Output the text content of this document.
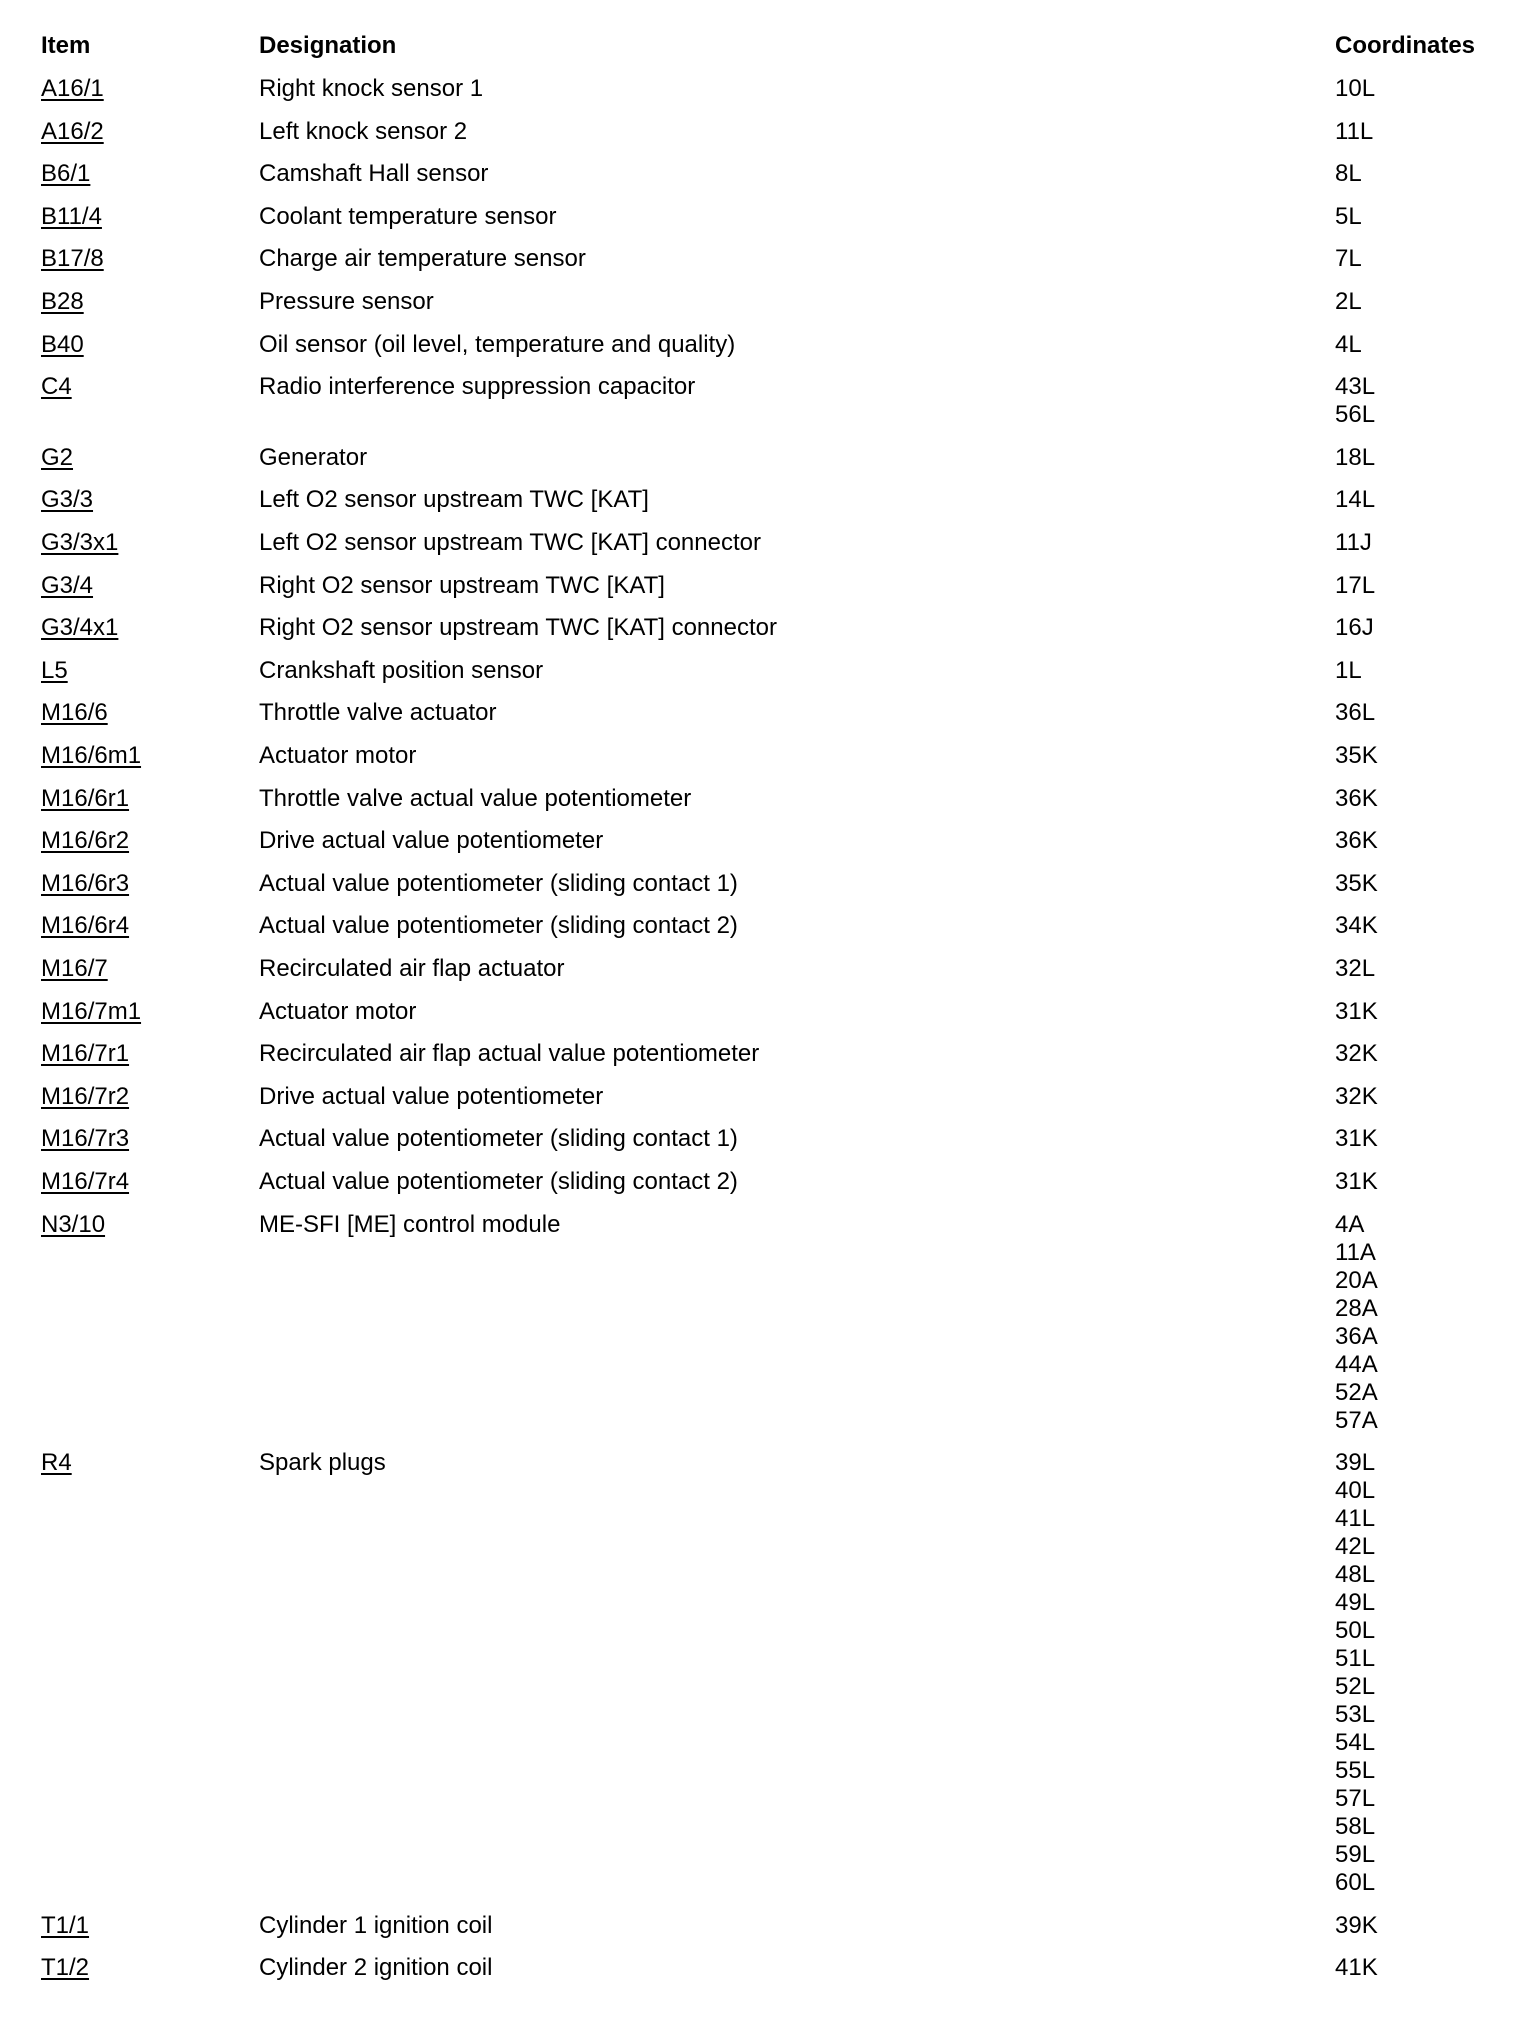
Item	Designation	Coordinates
A16/1	Right knock sensor 1	10L
A16/2	Left knock sensor 2	11L
B6/1	Camshaft Hall sensor	8L
B11/4	Coolant temperature sensor	5L
B17/8	Charge air temperature sensor	7L
B28	Pressure sensor	2L
B40	Oil sensor (oil level, temperature and quality)	4L
C4	Radio interference suppression capacitor	43L
56L
G2	Generator	18L
G3/3	Left O2 sensor upstream TWC [KAT]	14L
G3/3x1	Left O2 sensor upstream TWC [KAT] connector	11J
G3/4	Right O2 sensor upstream TWC [KAT]	17L
G3/4x1	Right O2 sensor upstream TWC [KAT] connector	16J
L5	Crankshaft position sensor	1L
M16/6	Throttle valve actuator	36L
M16/6m1	Actuator motor	35K
M16/6r1	Throttle valve actual value potentiometer	36K
M16/6r2	Drive actual value potentiometer	36K
M16/6r3	Actual value potentiometer (sliding contact 1)	35K
M16/6r4	Actual value potentiometer (sliding contact 2)	34K
M16/7	Recirculated air flap actuator	32L
M16/7m1	Actuator motor	31K
M16/7r1	Recirculated air flap actual value potentiometer	32K
M16/7r2	Drive actual value potentiometer	32K
M16/7r3	Actual value potentiometer (sliding contact 1)	31K
M16/7r4	Actual value potentiometer (sliding contact 2)	31K
N3/10	ME-SFI [ME] control module	4A
11A
20A
28A
36A
44A
52A
57A
R4	Spark plugs	39L
40L
41L
42L
48L
49L
50L
51L
52L
53L
54L
55L
57L
58L
59L
60L
T1/1	Cylinder 1 ignition coil	39K
T1/2	Cylinder 2 ignition coil	41K
